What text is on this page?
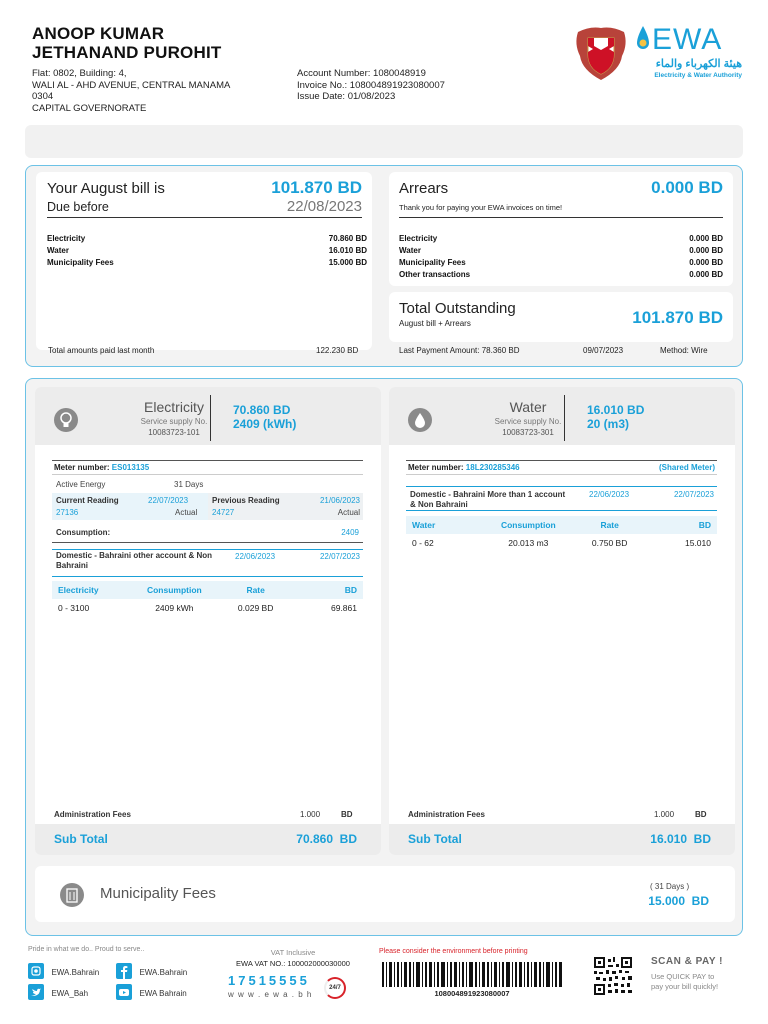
ANOOP KUMAR
JETHANAND PUROHIT
Flat: 0802, Building: 4,
WALI AL - AHD AVENUE, CENTRAL MANAMA
0304
CAPITAL GOVERNORATE
Account Number: 1080048919
Invoice No.: 108004891923080007
Issue Date: 01/08/2023
EWA
هيئة الكهرباء والماء
Electricity & Water Authority
Your August bill is	101.870 BD
Due before	22/08/2023
Electricity	70.860 BD
Water	16.010 BD
Municipality Fees	15.000 BD
Total amounts paid last month	122.230 BD
Arrears	0.000 BD
Thank you for paying your EWA invoices on time!
Electricity	0.000 BD
Water	0.000 BD
Municipality Fees	0.000 BD
Other transactions	0.000 BD
Total Outstanding
August bill + Arrears	101.870 BD
Last Payment Amount: 78.360 BD	09/07/2023	Method: Wire
Electricity
Service supply No.
10083723-101
70.860 BD
2409 (kWh)
Meter number: ES013135
Active Energy	31 Days
Current Reading	22/07/2023
27136	Actual
Previous Reading	21/06/2023
24727	Actual
Consumption:	2409
Domestic - Bahraini other account & Non Bahraini
22/06/2023	22/07/2023
Electricity	Consumption	Rate	BD
0 - 3100	2409 kWh	0.029 BD	69.861
Administration Fees	1.000	BD
Sub Total	70.860  BD
Water
Service supply No.
10083723-301
16.010 BD
20 (m3)
Meter number: 18L230285346	(Shared Meter)
Domestic - Bahraini More than 1 account & Non Bahraini
22/06/2023	22/07/2023
Water	Consumption	Rate	BD
0 - 62	20.013 m3	0.750 BD	15.010
Administration Fees	1.000	BD
Sub Total	16.010  BD
Municipality Fees	( 31 Days )
15.000  BD
Pride in what we do.. Proud to serve..
EWA.Bahrain	EWA.Bahrain
EWA_Bah	EWA Bahrain
VAT Inclusive
EWA VAT NO.: 100002000030000
17515555
w w w . e w a . b h
24/7
Please consider the environment before printing
108004891923080007
SCAN & PAY !
Use QUICK PAY to
pay your bill quickly!
